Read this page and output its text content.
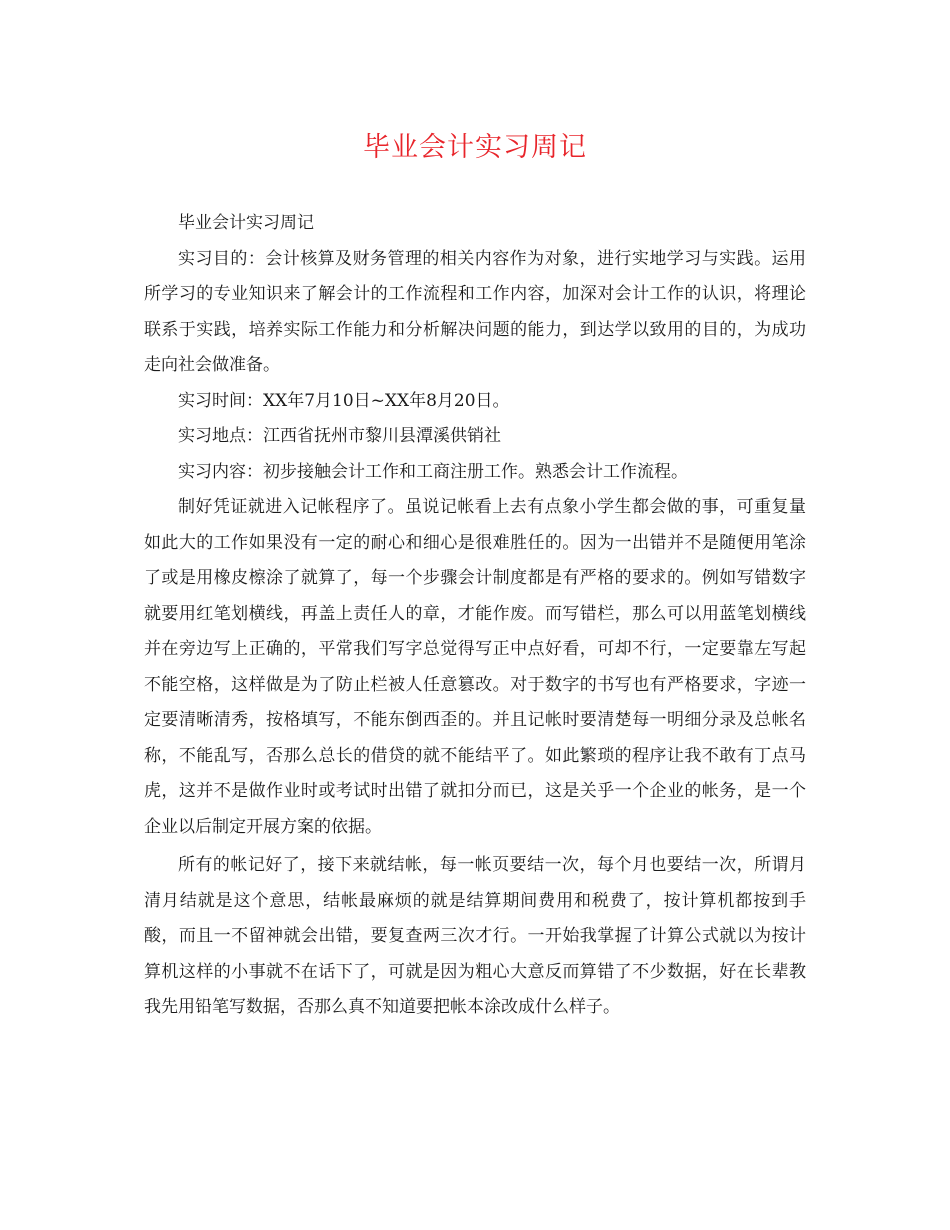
毕业会计实习周记

毕业会计实习周记

实习目的：会计核算及财务管理的相关内容作为对象，进行实地学习与实践。运用所学习的专业知识来了解会计的工作流程和工作内容，加深对会计工作的认识，将理论联系于实践，培养实际工作能力和分析解决问题的能力，到达学以致用的目的，为成功走向社会做准备。

实习时间：XX年7月10日~XX年8月20日。

实习地点：江西省抚州市黎川县潭溪供销社

实习内容：初步接触会计工作和工商注册工作。熟悉会计工作流程。

制好凭证就进入记帐程序了。虽说记帐看上去有点象小学生都会做的事，可重复量如此大的工作如果没有一定的耐心和细心是很难胜任的。因为一出错并不是随便用笔涂了或是用橡皮檫涂了就算了，每一个步骤会计制度都是有严格的要求的。例如写错数字就要用红笔划横线，再盖上责任人的章，才能作废。而写错栏，那么可以用蓝笔划横线并在旁边写上正确的，平常我们写字总觉得写正中点好看，可却不行，一定要靠左写起不能空格，这样做是为了防止栏被人任意篡改。对于数字的书写也有严格要求，字迹一定要清晰清秀，按格填写，不能东倒西歪的。并且记帐时要清楚每一明细分录及总帐名称，不能乱写，否那么总长的借贷的就不能结平了。如此繁琐的程序让我不敢有丁点马虎，这并不是做作业时或考试时出错了就扣分而已，这是关乎一个企业的帐务，是一个企业以后制定开展方案的依据。

所有的帐记好了，接下来就结帐，每一帐页要结一次，每个月也要结一次，所谓月清月结就是这个意思，结帐最麻烦的就是结算期间费用和税费了，按计算机都按到手酸，而且一不留神就会出错，要复查两三次才行。一开始我掌握了计算公式就以为按计算机这样的小事就不在话下了，可就是因为粗心大意反而算错了不少数据，好在长辈教我先用铅笔写数据，否那么真不知道要把帐本涂改成什么样子。
